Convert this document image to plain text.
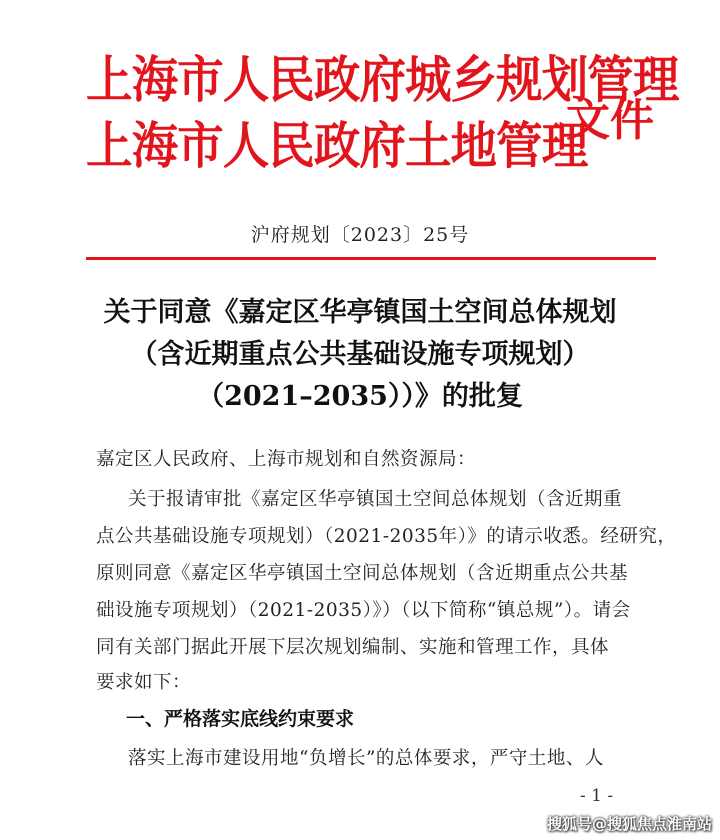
上海市人民政府城乡规划管理
上海市人民政府土地管理
文件
沪府规划〔2023〕25号
关于同意《嘉定区华亭镇国土空间总体规划
（含近期重点公共基础设施专项规划）
（2021–2035））》的批复
嘉定区人民政府、上海市规划和自然资源局：
关于报请审批《嘉定区华亭镇国土空间总体规划（含近期重
点公共基础设施专项规划）（2021-2035年）》的请示收悉。经研究，
原则同意《嘉定区华亭镇国土空间总体规划（含近期重点公共基
础设施专项规划）（2021-2035）》）（以下简称“镇总规”）。请会
同有关部门据此开展下层次规划编制、实施和管理工作，具体
要求如下：
一、严格落实底线约束要求
落实上海市建设用地“负增长”的总体要求，严守土地、人
- 1 -
搜狐号@搜狐焦点淮南站
